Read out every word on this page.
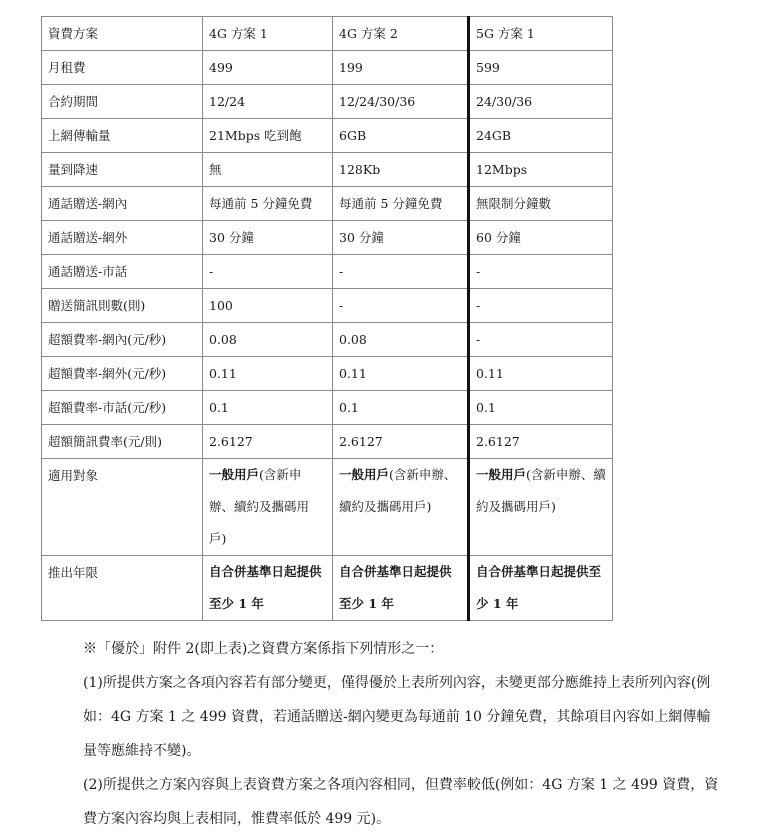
資費方案	4G 方案 1	4G 方案 2	5G 方案 1
月租費	499	199	599
合約期間	12/24	12/24/30/36	24/30/36
上網傳輸量	21Mbps 吃到飽	6GB	24GB
量到降速	無	128Kb	12Mbps
通話贈送-網內	每通前 5 分鐘免費	每通前 5 分鐘免費	無限制分鐘數
通話贈送-網外	30 分鐘	30 分鐘	60 分鐘
通話贈送-市話	-	-	-
贈送簡訊則數(則)	100	-	-
超額費率-網內(元/秒)	0.08	0.08	-
超額費率-網外(元/秒)	0.11	0.11	0.11
超額費率-市話(元/秒)	0.1	0.1	0.1
超額簡訊費率(元/則)	2.6127	2.6127	2.6127
適用對象	一般用戶(含新申辦、續約及攜碼用戶)	一般用戶(含新申辦、續約及攜碼用戶)	一般用戶(含新申辦、續約及攜碼用戶)
推出年限	自合併基準日起提供至少 1 年	自合併基準日起提供至少 1 年	自合併基準日起提供至少 1 年

※「優於」附件 2(即上表)之資費方案係指下列情形之一：

(1)所提供方案之各項內容若有部分變更，僅得優於上表所列內容，未變更部分應維持上表所列內容(例如：4G 方案 1 之 499 資費，若通話贈送-網內變更為每通前 10 分鐘免費，其餘項目內容如上網傳輸量等應維持不變)。

(2)所提供之方案內容與上表資費方案之各項內容相同，但費率較低(例如：4G 方案 1 之 499 資費，資費方案內容均與上表相同，惟費率低於 499 元)。
